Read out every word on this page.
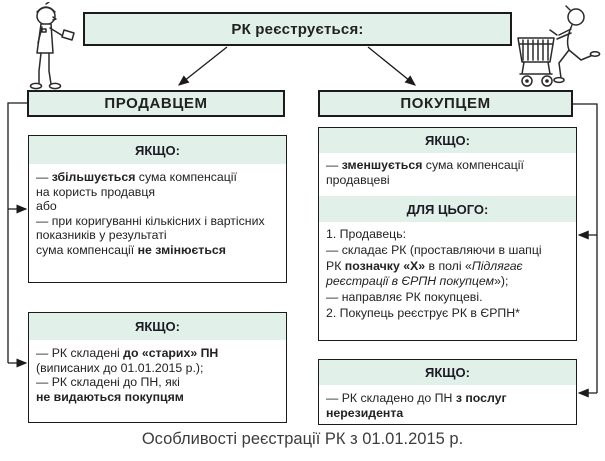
РК реєструється:
ПРОДАВЦЕМ	ПОКУПЦЕМ
ЯКЩО:
— збільшується сума компенсації
на користь продавця
або
— при коригуванні кількісних і вартісних
показників у результаті
сума компенсації не змінюється
ЯКЩО:
— РК складені до «старих» ПН
(виписаних до 01.01.2015 р.);
— РК складені до ПН, які
не видаються покупцям
ЯКЩО:
— зменшується сума компенсації
продавцеві
ДЛЯ ЦЬОГО:
1. Продавець:
— складає РК (проставляючи в шапці
РК позначку «Х» в полі «Підлягає
реєстрації в ЄРПН покупцем»);
— направляє РК покупцеві.
2. Покупець реєструє РК в ЄРПН*
ЯКЩО:
— РК складено до ПН з послуг
нерезидента
Особливості реєстрації РК з 01.01.2015 р.
